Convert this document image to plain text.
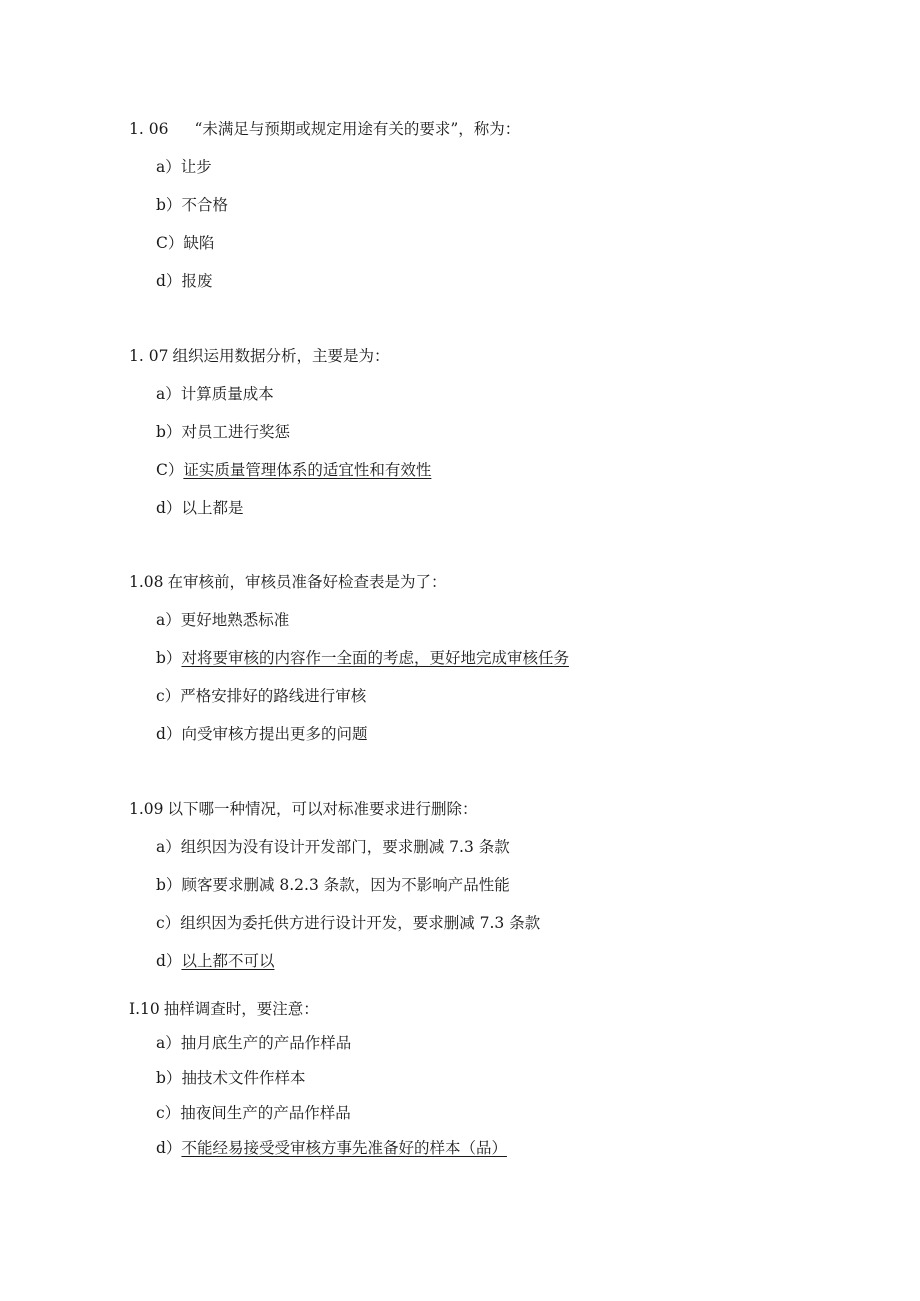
1. 06 “未满足与预期或规定用途有关的要求”，称为：
a）让步
b）不合格
C）缺陷
d）报废
1. 07 组织运用数据分析，主要是为：
a）计算质量成本
b）对员工进行奖惩
C）证实质量管理体系的适宜性和有效性
d）以上都是
1.08 在审核前，审核员准备好检查表是为了：
a）更好地熟悉标准
b）对将要审核的内容作一全面的考虑，更好地完成审核任务
c）严格安排好的路线进行审核
d）向受审核方提出更多的问题
1.09 以下哪一种情况，可以对标准要求进行删除：
a）组织因为没有设计开发部门，要求删减 7.3 条款
b）顾客要求删减 8.2.3 条款，因为不影响产品性能
c）组织因为委托供方进行设计开发，要求删减 7.3 条款
d）以上都不可以
I.10 抽样调查时，要注意：
a）抽月底生产的产品作样品
b）抽技术文件作样本
c）抽夜间生产的产品作样品
d）不能经易接受受审核方事先准备好的样本（品）
